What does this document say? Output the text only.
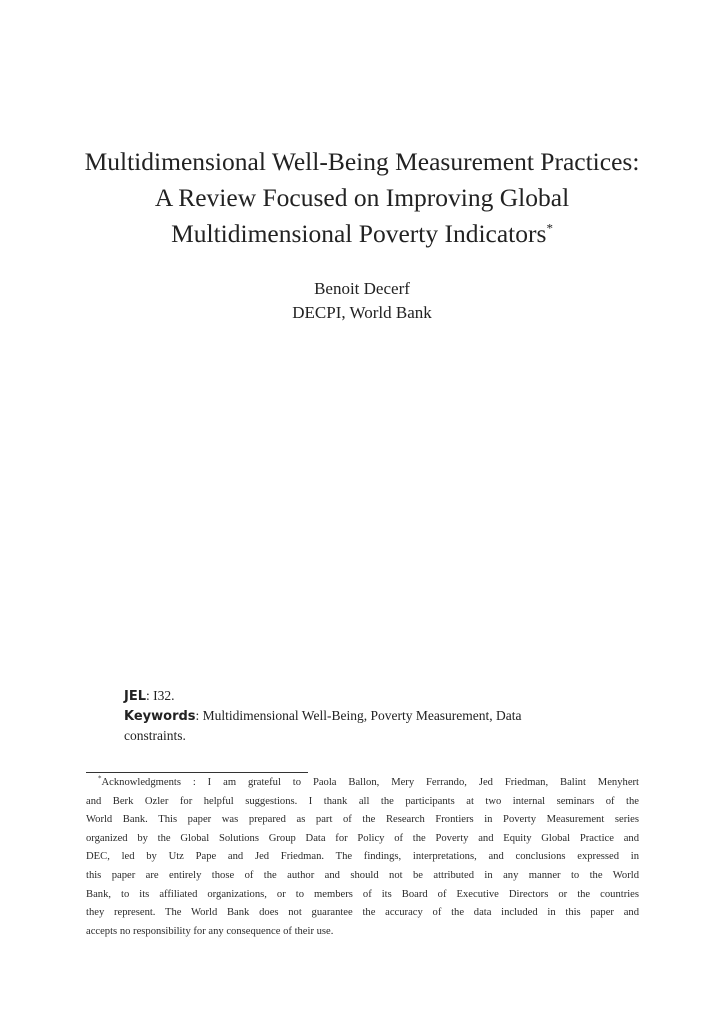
Multidimensional Well-Being Measurement Practices:
A Review Focused on Improving Global
Multidimensional Poverty Indicators*
Benoit Decerf
DECPI, World Bank

JEL: I32.

Keywords: Multidimensional Well-Being, Poverty Measurement, Data

constraints.

*Acknowledgments : I am grateful to Paola Ballon, Mery Ferrando, Jed Friedman, Balint Menyhert
and Berk Ozler for helpful suggestions. I thank all the participants at two internal seminars of the
World Bank. This paper was prepared as part of the Research Frontiers in Poverty Measurement series
organized by the Global Solutions Group Data for Policy of the Poverty and Equity Global Practice and
DEC, led by Utz Pape and Jed Friedman. The findings, interpretations, and conclusions expressed in
this paper are entirely those of the author and should not be attributed in any manner to the World
Bank, to its affiliated organizations, or to members of its Board of Executive Directors or the countries
they represent. The World Bank does not guarantee the accuracy of the data included in this paper and
accepts no responsibility for any consequence of their use.
